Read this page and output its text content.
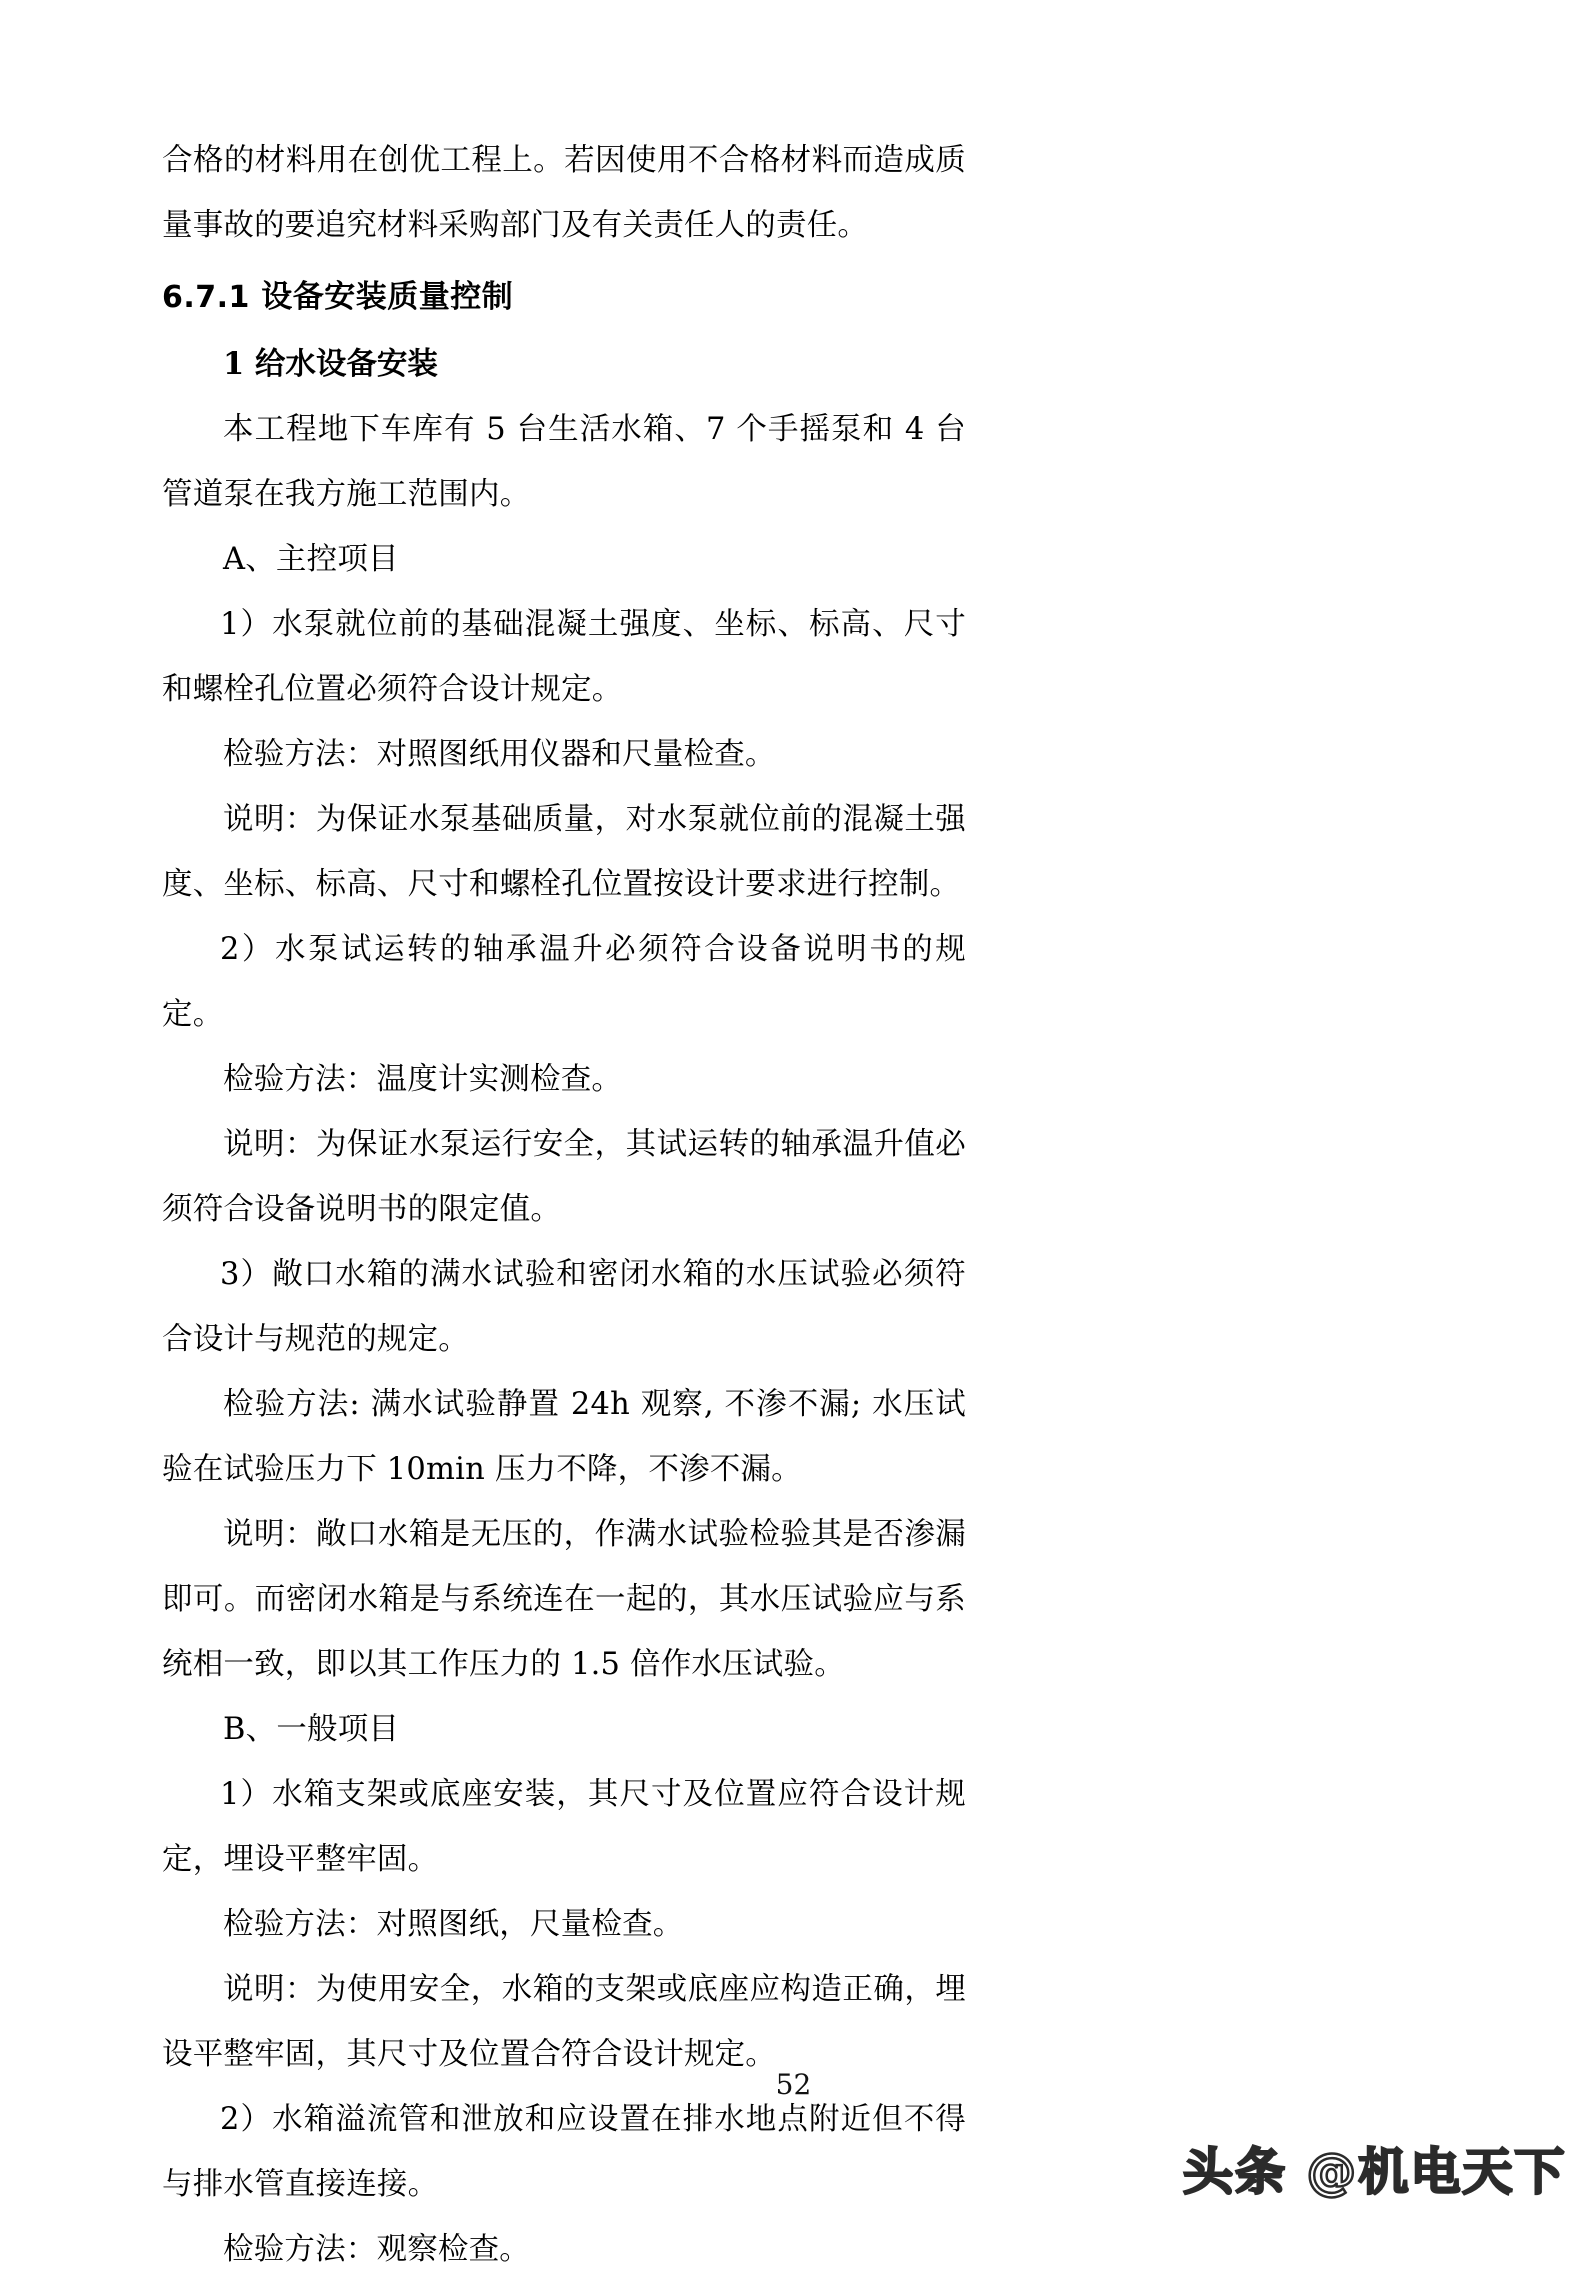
合格的材料用在创优工程上。若因使用不合格材料而造成质量事故的要追究材料采购部门及有关责任人的责任。

6.7.1 设备安装质量控制

1 给水设备安装

本工程地下车库有 5 台生活水箱、7 个手摇泵和 4 台管道泵在我方施工范围内。

A、主控项目

1）水泵就位前的基础混凝土强度、坐标、标高、尺寸和螺栓孔位置必须符合设计规定。

检验方法：对照图纸用仪器和尺量检查。

说明：为保证水泵基础质量，对水泵就位前的混凝土强度、坐标、标高、尺寸和螺栓孔位置按设计要求进行控制。

2）水泵试运转的轴承温升必须符合设备说明书的规定。

检验方法：温度计实测检查。

说明：为保证水泵运行安全，其试运转的轴承温升值必须符合设备说明书的限定值。

3）敞口水箱的满水试验和密闭水箱的水压试验必须符合设计与规范的规定。

检验方法: 满水试验静置 24h 观察, 不渗不漏; 水压试验在试验压力下 10min 压力不降，不渗不漏。

说明：敞口水箱是无压的，作满水试验检验其是否渗漏即可。而密闭水箱是与系统连在一起的，其水压试验应与系统相一致，即以其工作压力的 1.5 倍作水压试验。

B、一般项目

1）水箱支架或底座安装，其尺寸及位置应符合设计规定，埋设平整牢固。

检验方法：对照图纸，尺量检查。

说明：为使用安全，水箱的支架或底座应构造正确，埋设平整牢固，其尺寸及位置合符合设计规定。

2）水箱溢流管和泄放和应设置在排水地点附近但不得与排水管直接连接。

检验方法：观察检查。

52
头条 @机电天下
